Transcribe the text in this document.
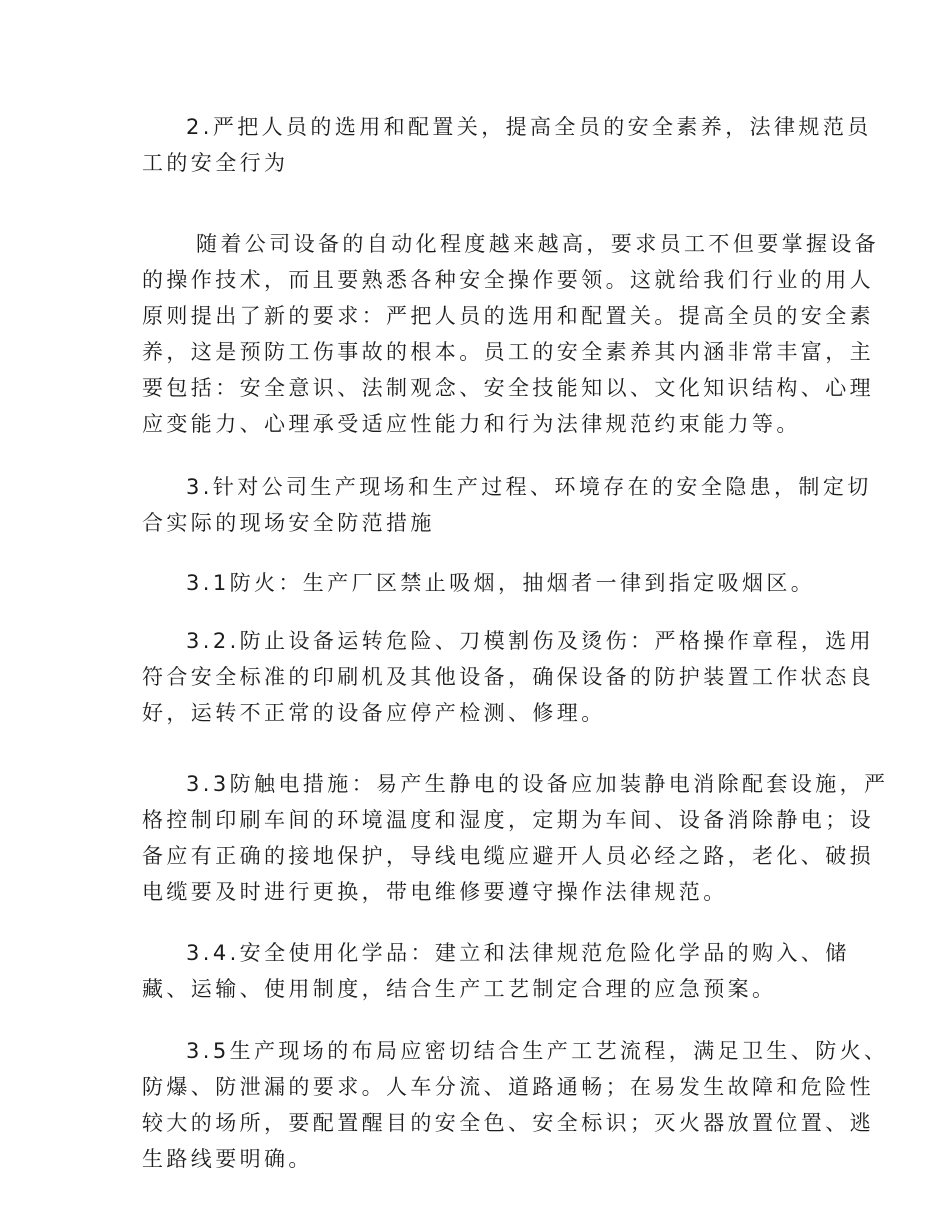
2.严把人员的选用和配置关，提高全员的安全素养，法律规范员

工的安全行为

随着公司设备的自动化程度越来越高，要求员工不但要掌握设备

的操作技术，而且要熟悉各种安全操作要领。这就给我们行业的用人

原则提出了新的要求：严把人员的选用和配置关。提高全员的安全素

养，这是预防工伤事故的根本。员工的安全素养其内涵非常丰富，主

要包括：安全意识、法制观念、安全技能知以、文化知识结构、心理

应变能力、心理承受适应性能力和行为法律规范约束能力等。

3.针对公司生产现场和生产过程、环境存在的安全隐患，制定切

合实际的现场安全防范措施

3.1防火：生产厂区禁止吸烟，抽烟者一律到指定吸烟区。

3.2.防止设备运转危险、刀模割伤及烫伤：严格操作章程，选用

符合安全标准的印刷机及其他设备，确保设备的防护装置工作状态良

好，运转不正常的设备应停产检测、修理。

3.3防触电措施：易产生静电的设备应加装静电消除配套设施，严

格控制印刷车间的环境温度和湿度，定期为车间、设备消除静电；设

备应有正确的接地保护，导线电缆应避开人员必经之路，老化、破损

电缆要及时进行更换，带电维修要遵守操作法律规范。

3.4.安全使用化学品：建立和法律规范危险化学品的购入、储

藏、运输、使用制度，结合生产工艺制定合理的应急预案。

3.5生产现场的布局应密切结合生产工艺流程，满足卫生、防火、

防爆、防泄漏的要求。人车分流、道路通畅；在易发生故障和危险性

较大的场所，要配置醒目的安全色、安全标识；灭火器放置位置、逃

生路线要明确。
